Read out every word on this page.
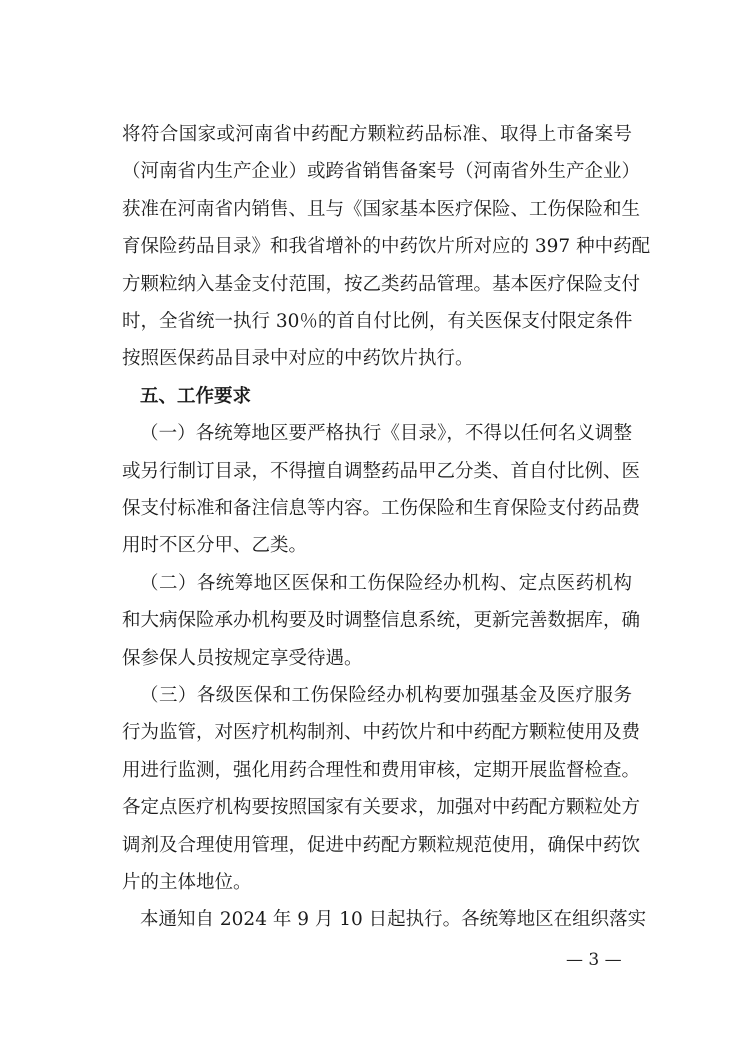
将符合国家或河南省中药配方颗粒药品标准、取得上市备案号
（河南省内生产企业）或跨省销售备案号（河南省外生产企业）
获准在河南省内销售、且与《国家基本医疗保险、工伤保险和生
育保险药品目录》和我省增补的中药饮片所对应的 397 种中药配
方颗粒纳入基金支付范围，按乙类药品管理。基本医疗保险支付
时，全省统一执行 30％的首自付比例，有关医保支付限定条件
按照医保药品目录中对应的中药饮片执行。
五、工作要求
（一）各统筹地区要严格执行《目录》，不得以任何名义调整
或另行制订目录，不得擅自调整药品甲乙分类、首自付比例、医
保支付标准和备注信息等内容。工伤保险和生育保险支付药品费
用时不区分甲、乙类。
（二）各统筹地区医保和工伤保险经办机构、定点医药机构
和大病保险承办机构要及时调整信息系统，更新完善数据库，确
保参保人员按规定享受待遇。
（三）各级医保和工伤保险经办机构要加强基金及医疗服务
行为监管，对医疗机构制剂、中药饮片和中药配方颗粒使用及费
用进行监测，强化用药合理性和费用审核，定期开展监督检查。
各定点医疗机构要按照国家有关要求，加强对中药配方颗粒处方
调剂及合理使用管理，促进中药配方颗粒规范使用，确保中药饮
片的主体地位。
本通知自 2024 年 9 月 10 日起执行。各统筹地区在组织落实
— 3 —
